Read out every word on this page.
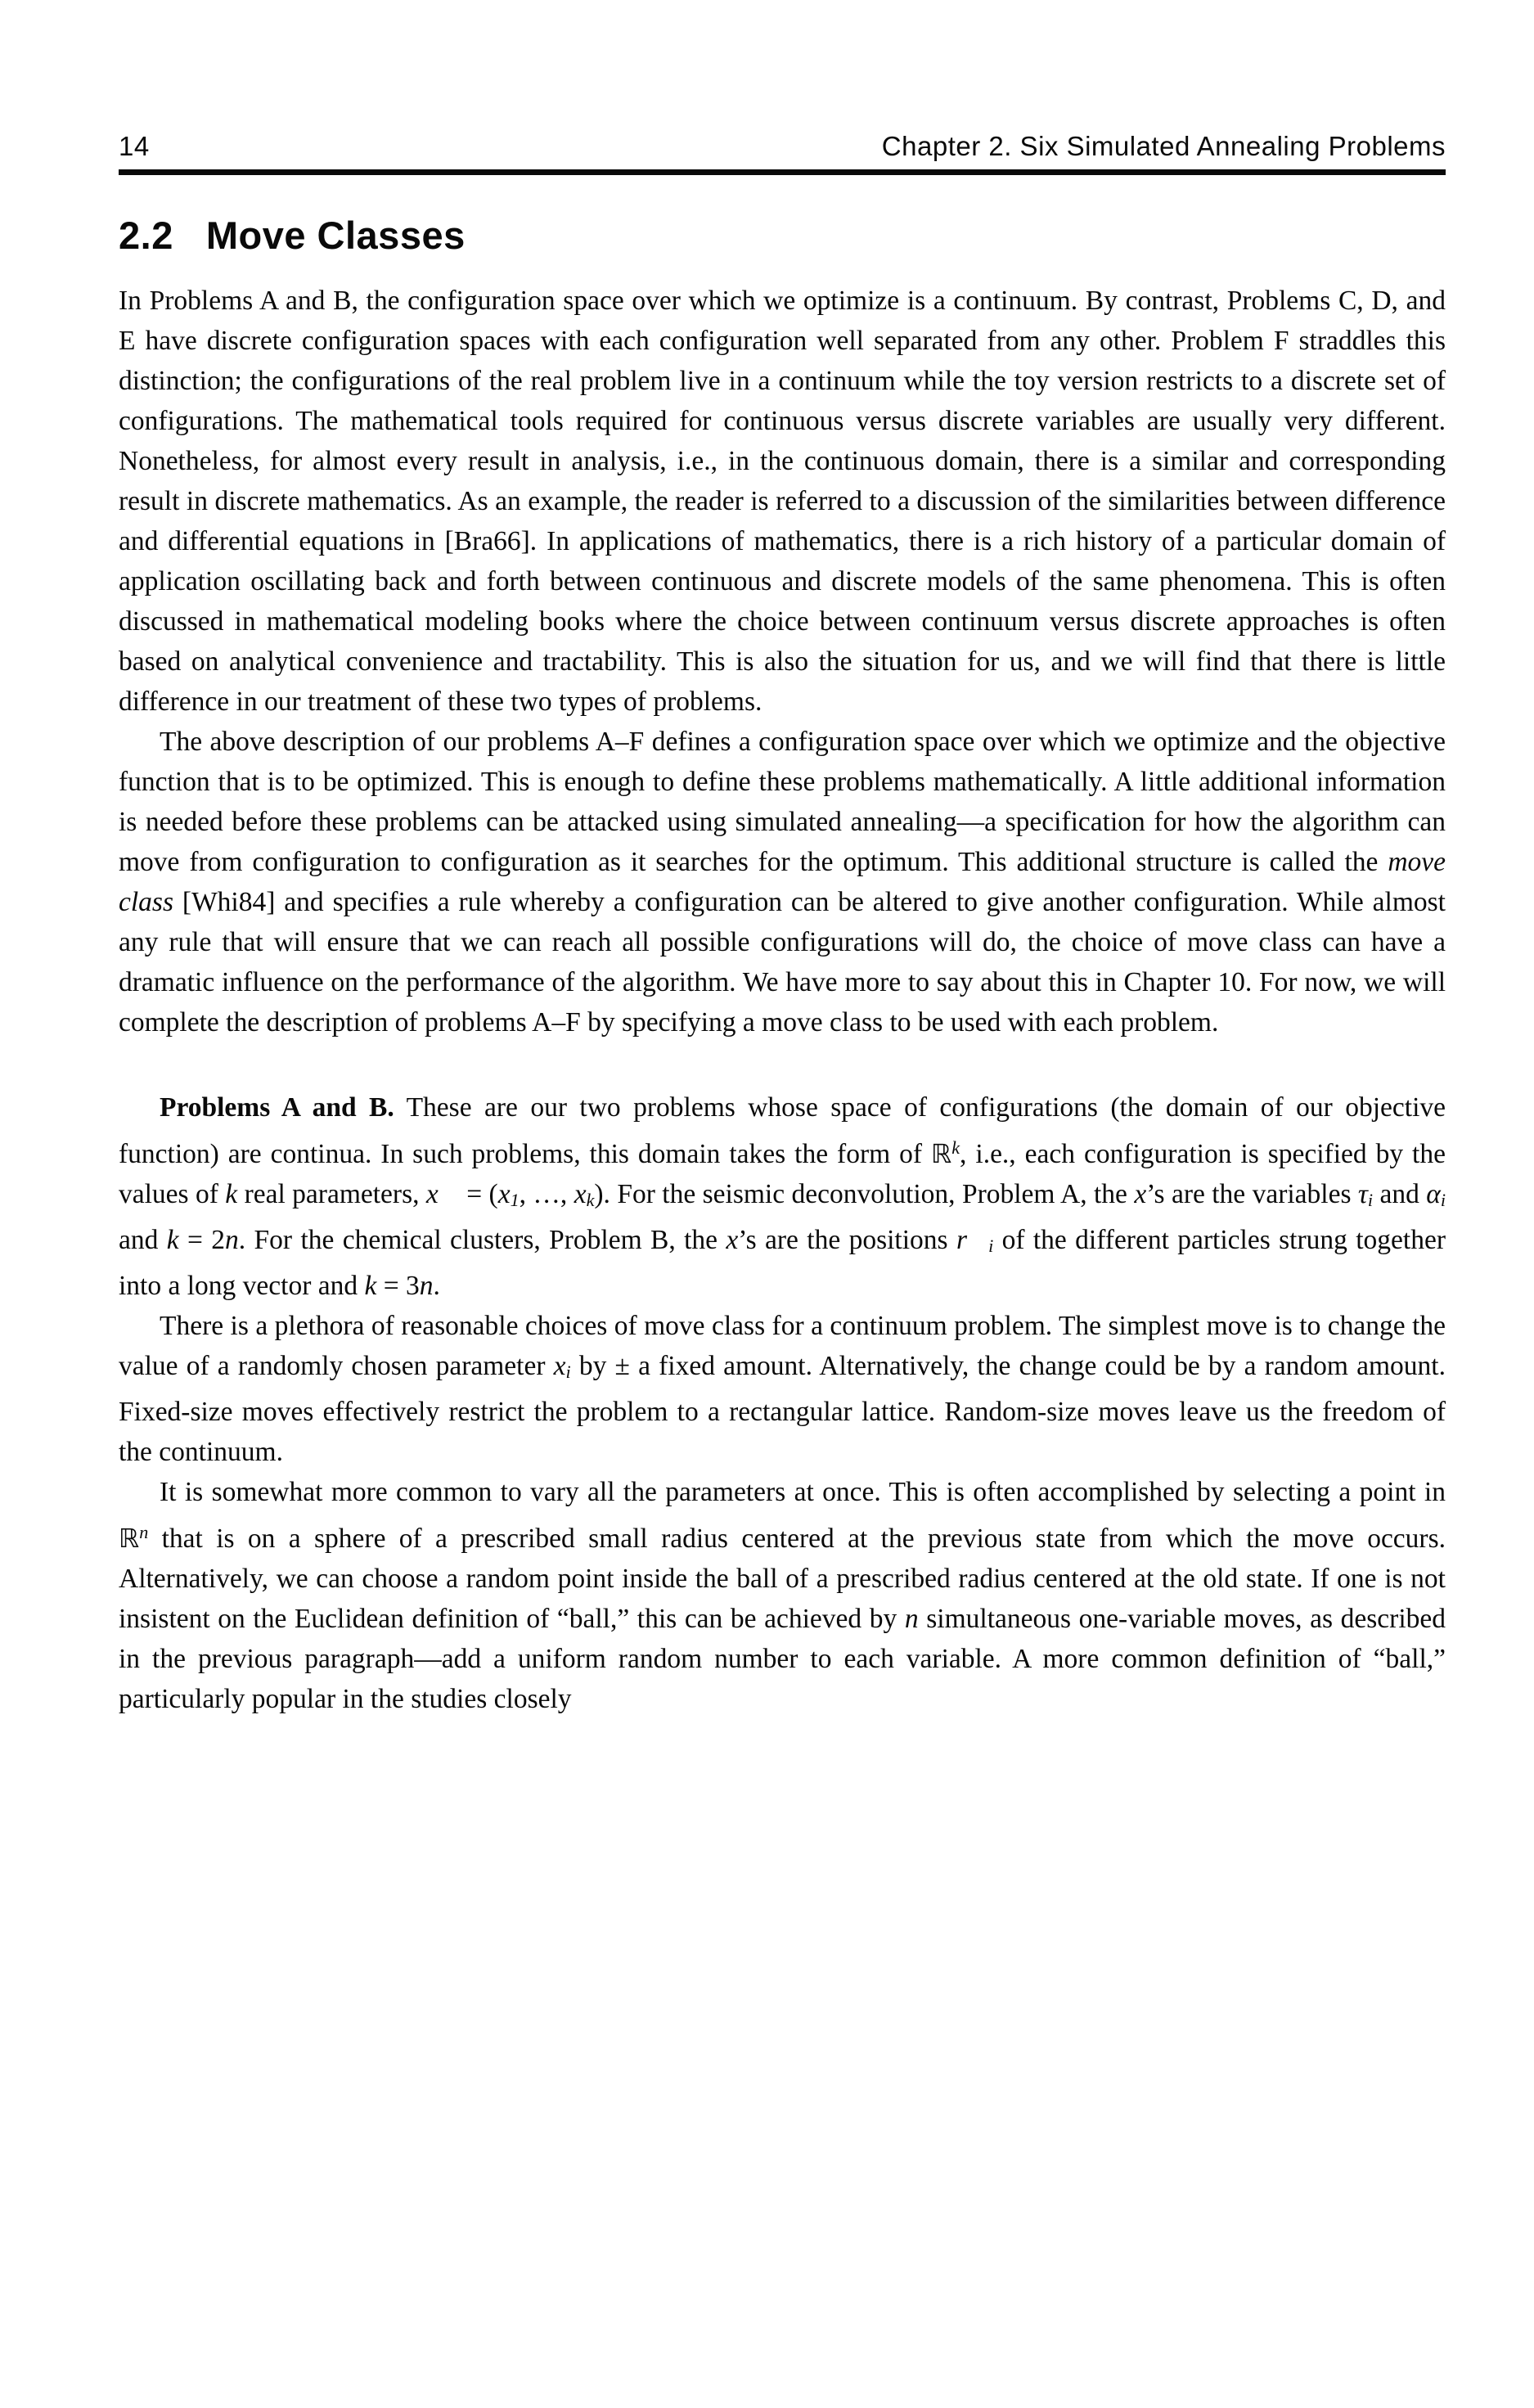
14	Chapter 2. Six Simulated Annealing Problems
2.2 Move Classes

In Problems A and B, the configuration space over which we optimize is a continuum. By contrast, Problems C, D, and E have discrete configuration spaces with each configuration well separated from any other. Problem F straddles this distinction; the configurations of the real problem live in a continuum while the toy version restricts to a discrete set of configurations. The mathematical tools required for continuous versus discrete variables are usually very different. Nonetheless, for almost every result in analysis, i.e., in the continuous domain, there is a similar and corresponding result in discrete mathematics. As an example, the reader is referred to a discussion of the similarities between difference and differential equations in [Bra66]. In applications of mathematics, there is a rich history of a particular domain of application oscillating back and forth between continuous and discrete models of the same phenomena. This is often discussed in mathematical modeling books where the choice between continuum versus discrete approaches is often based on analytical convenience and tractability. This is also the situation for us, and we will find that there is little difference in our treatment of these two types of problems.

The above description of our problems A–F defines a configuration space over which we optimize and the objective function that is to be optimized. This is enough to define these problems mathematically. A little additional information is needed before these problems can be attacked using simulated annealing—a specification for how the algorithm can move from configuration to configuration as it searches for the optimum. This additional structure is called the move class [Whi84] and specifies a rule whereby a configuration can be altered to give another configuration. While almost any rule that will ensure that we can reach all possible configurations will do, the choice of move class can have a dramatic influence on the performance of the algorithm. We have more to say about this in Chapter 10. For now, we will complete the description of problems A–F by specifying a move class to be used with each problem.

Problems A and B. These are our two problems whose space of configurations (the domain of our objective function) are continua. In such problems, this domain takes the form of ℝ$^k$, i.e., each configuration is specified by the values of k real parameters, x⃗ = (x1, …, xk). For the seismic deconvolution, Problem A, the x’s are the variables τi and αi and k = 2n. For the chemical clusters, Problem B, the x’s are the positions r⃗i of the different particles strung together into a long vector and k = 3n.

There is a plethora of reasonable choices of move class for a continuum problem. The simplest move is to change the value of a randomly chosen parameter xi by ± a fixed amount. Alternatively, the change could be by a random amount. Fixed-size moves effectively restrict the problem to a rectangular lattice. Random-size moves leave us the freedom of the continuum.

It is somewhat more common to vary all the parameters at once. This is often accomplished by selecting a point in ℝ$^n$ that is on a sphere of a prescribed small radius centered at the previous state from which the move occurs. Alternatively, we can choose a random point inside the ball of a prescribed radius centered at the old state. If one is not insistent on the Euclidean definition of “ball,” this can be achieved by n simultaneous one-variable moves, as described in the previous paragraph—add a uniform random number to each variable. A more common definition of “ball,” particularly popular in the studies closely
